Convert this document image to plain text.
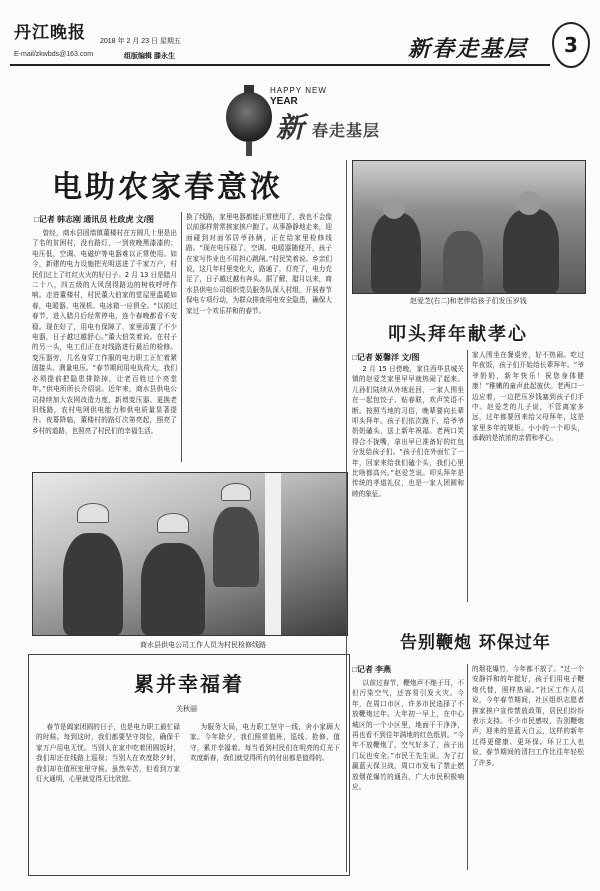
丹江晚报
E-mail/zkwbds@163.com
2018 年 2 月 23 日 星期五
组版编辑 滕永生	新春走基层	3
HAPPY NEW
YEAR
新 春走基层
电助农家春意浓
□记者 韩志刚 通讯员 杜政虎 文/图
曾经，商水县固墙镇董楼村在方圆几十里是出了名的贫困村，没有路灯，一到夜晚黑漆漆的；电压低，空调、电磁炉等电器难以正常使用。如今，新建的电力设施把光明送进了千家万户，村民们过上了红红火火的好日子。2 月 13 日是腊月二十八，四五级的大风刮得路边的树枝呼呼作响。走进董楼村，村民董大伯家的堂屋里温暖如春，电暖器、电视机、电冰箱一应俱全。“以前过春节，进入腊月后经常停电，连个春晚都看不安稳。现在好了，用电有保障了，家里添置了不少电器，日子越过越舒心。”董大伯笑着说。在村子的另一头，电工们正在对线路进行最后的检修。变压器旁，几名身穿工作服的电力职工正忙着紧固接头、测量电压。“春节期间用电负荷大，我们必须提前把隐患排除掉，让老百姓过个亮堂年。”供电所所长介绍说。近年来，商水县供电公司持续加大农网改造力度，新增变压器、更换老旧线路，农村电网供电能力和供电质量显著提升。夜幕降临，董楼村的路灯次第亮起，照亮了乡村的道路，也照亮了村民们的幸福生活。
换了线路，家里电器都能正常使用了，我也不会像以前那样常常挨家挨户跑了。从事静静地走来，迎面碰到对面邻居爷孙俩，正在给家里检修线路。“现在电压稳了，空调、电暖器随便开，孩子在家写作业也不用担心跳闸。”村民笑着说。乡亲们说，这几年村里变化大，路通了，灯亮了，电力充足了，日子越过越有奔头。据了解，腊月以来，商水县供电公司组织党员服务队深入村组，开展春节保电专项行动，为群众排查用电安全隐患，确保大家过一个欢乐祥和的春节。
赵爱芝(右二)和老伴给孩子们发压岁钱
叩头拜年献孝心
□记者 姬馨洋 文/图
2 月 15 日傍晚，家住西华县城关镇的赵爱芝家里早早就热闹了起来。儿孙们陆续从外地赶回，一家人围坐在一起包饺子、贴春联，欢声笑语不断。按照当地的习俗，晚辈要向长辈叩头拜年。孩子们依次跪下，给爷爷奶奶磕头，送上新年祝福。老两口笑得合不拢嘴，拿出早已准备好的红包分发给孩子们。“孩子们在外面忙了一年，回家来给我们磕个头，我们心里比啥都高兴。”赵爱芝说。叩头拜年是传统的孝道礼仪，也是一家人团圆和睦的象征。
家人围坐在餐桌旁，好不热闹。吃过年夜饭，孩子们开始给长辈拜年。“爷爷奶奶，新年快乐！祝您身体健康！”稚嫩的童声此起彼伏。老两口一边应着，一边把压岁钱塞到孩子们手中。赵爱芝的儿子说，不管离家多远，过年都要回来给父母拜年，这是家里多年的规矩。小小的一个叩头，承载的是浓浓的亲情和孝心。
商水县供电公司工作人员为村民检修线路	告别鞭炮 环保过年
□记者 李燕
以前过春节，鞭炮声不绝于耳，不但污染空气，还容易引发火灾。今年，在周口市区，许多市民选择了不放鞭炮过年。大年初一早上，在中心城区的一个小区里，地面干干净净，再也看不到往年满地的红色纸屑。“今年不放鞭炮了，空气好多了，孩子出门玩也安全。”市民王先生说。为了打赢蓝天保卫战，周口市发布了禁止燃放烟花爆竹的通告，广大市民积极响应。
的烟花爆竹，今年都不放了。“过一个安静祥和的年挺好，孩子们用电子鞭炮代替，照样热闹。”社区工作人员说，今年春节期间，社区组织志愿者挨家挨户宣传禁放政策，居民们纷纷表示支持。不少市民感叹，告别鞭炮声，迎来的是蓝天白云，这样的新年过得更健康、更环保。环卫工人也说，春节期间的清扫工作比往年轻松了许多。
累并幸福着
关秋丽
春节是阖家团圆的日子，也是电力职工最忙碌的时候。每到这时，我们都要坚守岗位，确保千家万户用电无忧。当别人在家中吃着团圆饭时，我们却还在线路上巡视；当别人在欢度除夕时，我们却在值班室里守候。虽然辛苦，但看到万家灯火通明，心里就觉得无比欣慰。
为服务大局，电力职工坚守一线，舍小家顾大家。今年除夕，我们照常值班，巡线、抢修、值守，累并幸福着。每当看到村民们在明亮的灯光下欢度新春，我们就觉得所有的付出都是值得的。
